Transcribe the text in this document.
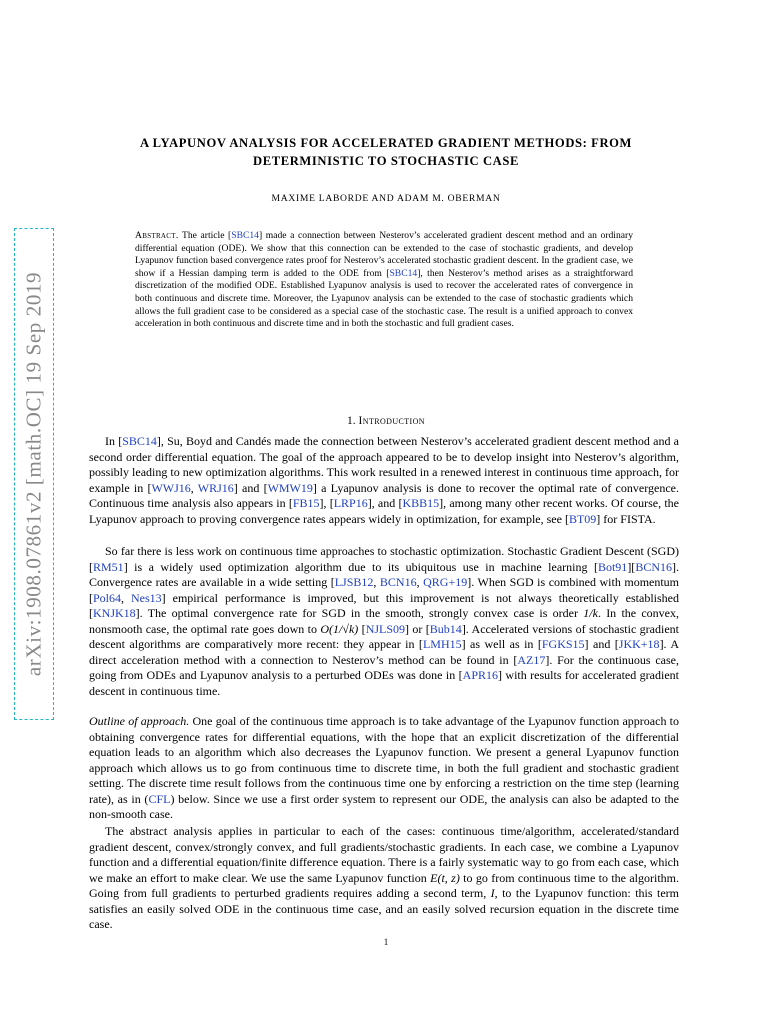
arXiv:1908.07861v2 [math.OC] 19 Sep 2019
A LYAPUNOV ANALYSIS FOR ACCELERATED GRADIENT METHODS: FROM
DETERMINISTIC TO STOCHASTIC CASE
MAXIME LABORDE AND ADAM M. OBERMAN

Abstract. The article [SBC14] made a connection between Nesterov’s accelerated gradient descent method and an ordinary differential equation (ODE). We show that this connection can be extended to the case of stochastic gradients, and develop Lyapunov function based convergence rates proof for Nesterov’s accelerated stochastic gradient descent. In the gradient case, we show if a Hessian damping term is added to the ODE from [SBC14], then Nesterov’s method arises as a straightforward discretization of the modified ODE. Established Lyapunov analysis is used to recover the accelerated rates of convergence in both continuous and discrete time. Moreover, the Lyapunov analysis can be extended to the case of stochastic gradients which allows the full gradient case to be considered as a special case of the stochastic case. The result is a unified approach to convex acceleration in both continuous and discrete time and in both the stochastic and full gradient cases.

1. Introduction

In [SBC14], Su, Boyd and Candés made the connection between Nesterov’s accelerated gradient descent method and a second order differential equation. The goal of the approach appeared to be to develop insight into Nesterov’s algorithm, possibly leading to new optimization algorithms. This work resulted in a renewed interest in continuous time approach, for example in [WWJ16, WRJ16] and [WMW19] a Lyapunov analysis is done to recover the optimal rate of convergence. Continuous time analysis also appears in [FB15], [LRP16], and [KBB15], among many other recent works. Of course, the Lyapunov approach to proving convergence rates appears widely in optimization, for example, see [BT09] for FISTA.

So far there is less work on continuous time approaches to stochastic optimization. Stochastic Gradient Descent (SGD) [RM51] is a widely used optimization algorithm due to its ubiquitous use in machine learning [Bot91][BCN16]. Convergence rates are available in a wide setting [LJSB12, BCN16, QRG+19]. When SGD is combined with momentum [Pol64, Nes13] empirical performance is improved, but this improvement is not always theoretically established [KNJK18]. The optimal convergence rate for SGD in the smooth, strongly convex case is order 1/k. In the convex, nonsmooth case, the optimal rate goes down to O(1/√k) [NJLS09] or [Bub14]. Accelerated versions of stochastic gradient descent algorithms are comparatively more recent: they appear in [LMH15] as well as in [FGKS15] and [JKK+18]. A direct acceleration method with a connection to Nesterov’s method can be found in [AZ17]. For the continuous case, going from ODEs and Lyapunov analysis to a perturbed ODEs was done in [APR16] with results for accelerated gradient descent in continuous time.

Outline of approach. One goal of the continuous time approach is to take advantage of the Lyapunov function approach to obtaining convergence rates for differential equations, with the hope that an explicit discretization of the differential equation leads to an algorithm which also decreases the Lyapunov function. We present a general Lyapunov function approach which allows us to go from continuous time to discrete time, in both the full gradient and stochastic gradient setting. The discrete time result follows from the continuous time one by enforcing a restriction on the time step (learning rate), as in (CFL) below. Since we use a first order system to represent our ODE, the analysis can also be adapted to the non-smooth case.

The abstract analysis applies in particular to each of the cases: continuous time/algorithm, accelerated/standard gradient descent, convex/strongly convex, and full gradients/stochastic gradients. In each case, we combine a Lyapunov function and a differential equation/finite difference equation. There is a fairly systematic way to go from each case, which we make an effort to make clear. We use the same Lyapunov function E(t, z) to go from continuous time to the algorithm. Going from full gradients to perturbed gradients requires adding a second term, I, to the Lyapunov function: this term satisfies an easily solved ODE in the continuous time case, and an easily solved recursion equation in the discrete time case.

1
